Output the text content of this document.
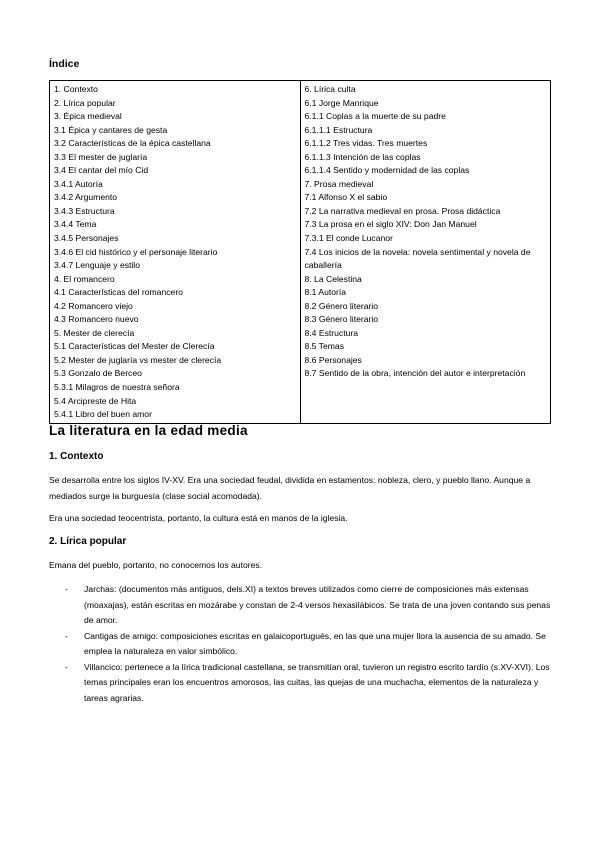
Índice
1. Contexto
2. Lírica popular
3. Épica medieval
3.1 Épica y cantares de gesta
3.2 Características de la épica castellana
3.3 El mester de juglaría
3.4 El cantar del mío Cid
3.4.1 Autoría
3.4.2 Argumento
3.4.3 Estructura
3.4.4 Tema
3.4.5 Personajes
3.4.6 El cid histórico y el personaje literario
3.4.7 Lenguaje y estilo
4. El romancero
4.1 Características del romancero
4.2 Romancero viejo
4.3 Romancero nuevo
5. Mester de clerecía
5.1 Características del Mester de Clerecía
5.2 Mester de juglaría vs mester de clerecía
5.3 Gonzalo de Berceo
5.3.1 Milagros de nuestra señora
5.4 Arcipreste de Hita
5.4.1 Libro del buen amor

6. Lírica culta
6.1 Jorge Manrique
6.1.1 Coplas a la muerte de su padre
6.1.1.1 Estructura
6.1.1.2 Tres vidas. Tres muertes
6.1.1.3 Intención de las coplas
6.1.1.4 Sentido y modernidad de las coplas
7. Prosa medieval
7.1 Alfonso X el sabio
7.2 La narrativa medieval en prosa. Prosa didáctica
7.3 La prosa en el siglo XIV: Don Jan Manuel
7.3.1 El conde Lucanor
7.4 Los inicios de la novela: novela sentimental y novela de caballería
8. La Celestina
8.1 Autoría
8.2 Género literario
8.3 Género literario
8.4 Estructura
8.5 Temas
8.6 Personajes
8.7 Sentido de la obra, intención del autor e interpretación
La literatura en la edad media
1. Contexto
Se desarrolla entre los siglos IV-XV. Era una sociedad feudal, dividida en estamentos: nobleza, clero, y pueblo llano. Aunque a mediados surge la burguesía (clase social acomodada).
Era una sociedad teocentrista, portanto, la cultura está en manos de la iglesia.
2. Lírica popular
Emana del pueblo, portanto, no conocemos los autores.
- Jarchas: (documentos más antiguos, dels.XI) a textos breves utilizados como cierre de composiciones más extensas (moaxajas), están escritas en mozárabe y constan de 2-4 versos hexasilábicos. Se trata de una joven contando sus penas de amor.
- Cantigas de amigo: composiciones escritas en galaicoportugués, en las que una mujer llora la ausencia de su amado. Se emplea la naturaleza en valor simbólico.
- Villancico: pertenece a la lírica tradicional castellana, se transmitían oral, tuvieron un registro escrito tardío (s.XV-XVI). Los temas principales eran los encuentros amorosos, las cuitas, las quejas de una muchacha, elementos de la naturaleza y tareas agrarias.
